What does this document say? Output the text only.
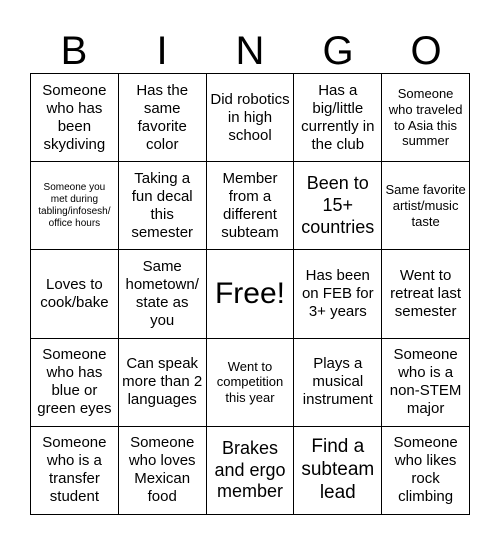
B	I	N	G	O
Someone who has been skydiving
Has the same favorite color
Did robotics in high school
Has a big/little currently in the club
Someone who traveled to Asia this summer
Someone you met during tabling/infosesh/ office hours
Taking a fun decal this semester
Member from a different subteam
Been to 15+ countries
Same favorite artist/music taste
Loves to cook/bake
Same hometown/ state as you
Free!
Has been on FEB for 3+ years
Went to retreat last semester
Someone who has blue or green eyes
Can speak more than 2 languages
Went to competition this year
Plays a musical instrument
Someone who is a non-STEM major
Someone who is a transfer student
Someone who loves Mexican food
Brakes and ergo member
Find a subteam lead
Someone who likes rock climbing
